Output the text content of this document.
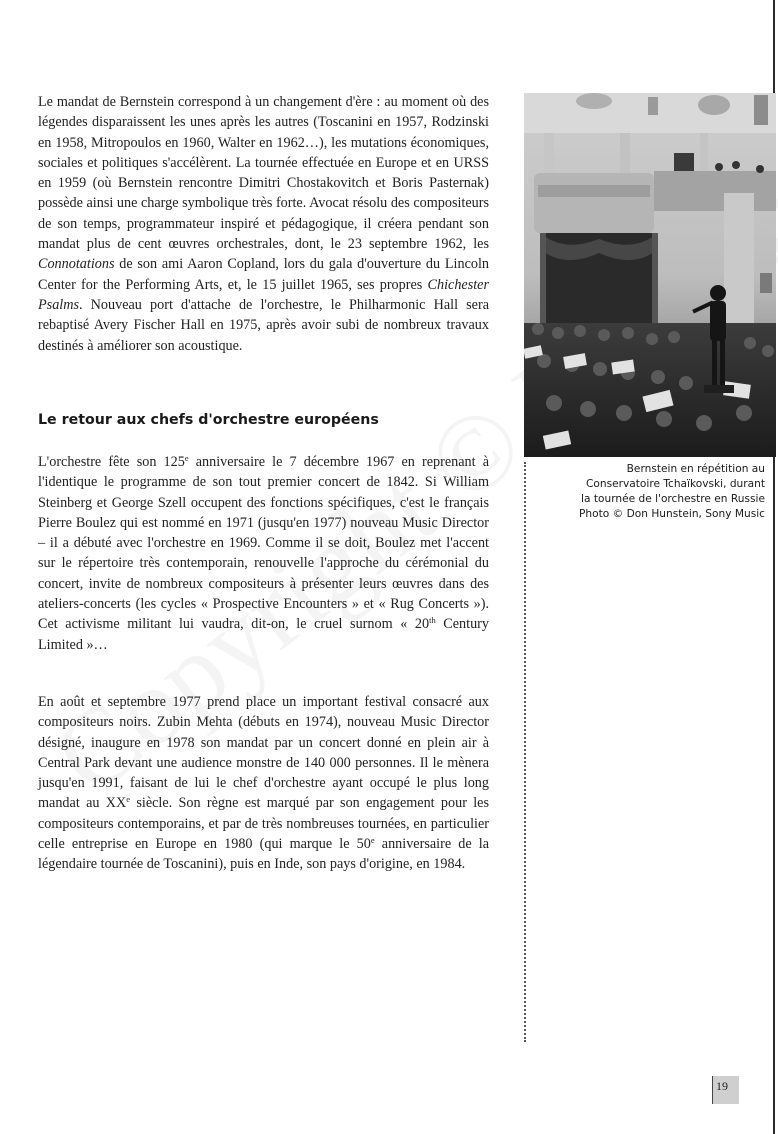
Le mandat de Bernstein correspond à un changement d'ère : au moment où des légendes disparaissent les unes après les autres (Toscanini en 1957, Rodzinski en 1958, Mitropoulos en 1960, Walter en 1962…), les mutations économiques, sociales et politiques s'accélèrent. La tournée effectuée en Europe et en URSS en 1959 (où Bernstein rencontre Dimitri Chostakovitch et Boris Pasternak) possède ainsi une charge symbolique très forte. Avocat résolu des compositeurs de son temps, programmateur inspiré et pédagogique, il créera pendant son mandat plus de cent œuvres orchestrales, dont, le 23 septembre 1962, les Connotations de son ami Aaron Copland, lors du gala d'ouverture du Lincoln Center for the Performing Arts, et, le 15 juillet 1965, ses propres Chichester Psalms. Nouveau port d'attache de l'orchestre, le Philharmonic Hall sera rebaptisé Avery Fischer Hall en 1975, après avoir subi de nombreux travaux destinés à améliorer son acoustique.

Le retour aux chefs d'orchestre européens

L'orchestre fête son 125e anniversaire le 7 décembre 1967 en reprenant à l'identique le programme de son tout premier concert de 1842. Si William Steinberg et George Szell occupent des fonctions spécifiques, c'est le français Pierre Boulez qui est nommé en 1971 (jusqu'en 1977) nouveau Music Director – il a débuté avec l'orchestre en 1969. Comme il se doit, Boulez met l'accent sur le répertoire très contemporain, renouvelle l'approche du cérémonial du concert, invite de nombreux compositeurs à présenter leurs œuvres dans des ateliers-concerts (les cycles « Prospective Encounters » et « Rug Concerts »). Cet activisme militant lui vaudra, dit-on, le cruel surnom « 20th Century Limited »…

En août et septembre 1977 prend place un important festival consacré aux compositeurs noirs. Zubin Mehta (débuts en 1974), nouveau Music Director désigné, inaugure en 1978 son mandat par un concert donné en plein air à Central Park devant une audience monstre de 140 000 personnes. Il le mènera jusqu'en 1991, faisant de lui le chef d'orchestre ayant occupé le plus long mandat au XXe siècle. Son règne est marqué par son engagement pour les compositeurs contemporains, et par de très nombreuses tournées, en particulier celle entreprise en Europe en 1980 (qui marque le 50e anniversaire de la légendaire tournée de Toscanini), puis en Inde, son pays d'origine, en 1984.

Bernstein en répétition au
Conservatoire Tchaïkovski, durant
la tournée de l'orchestre en Russie
Photo © Don Hunstein, Sony Music
19
